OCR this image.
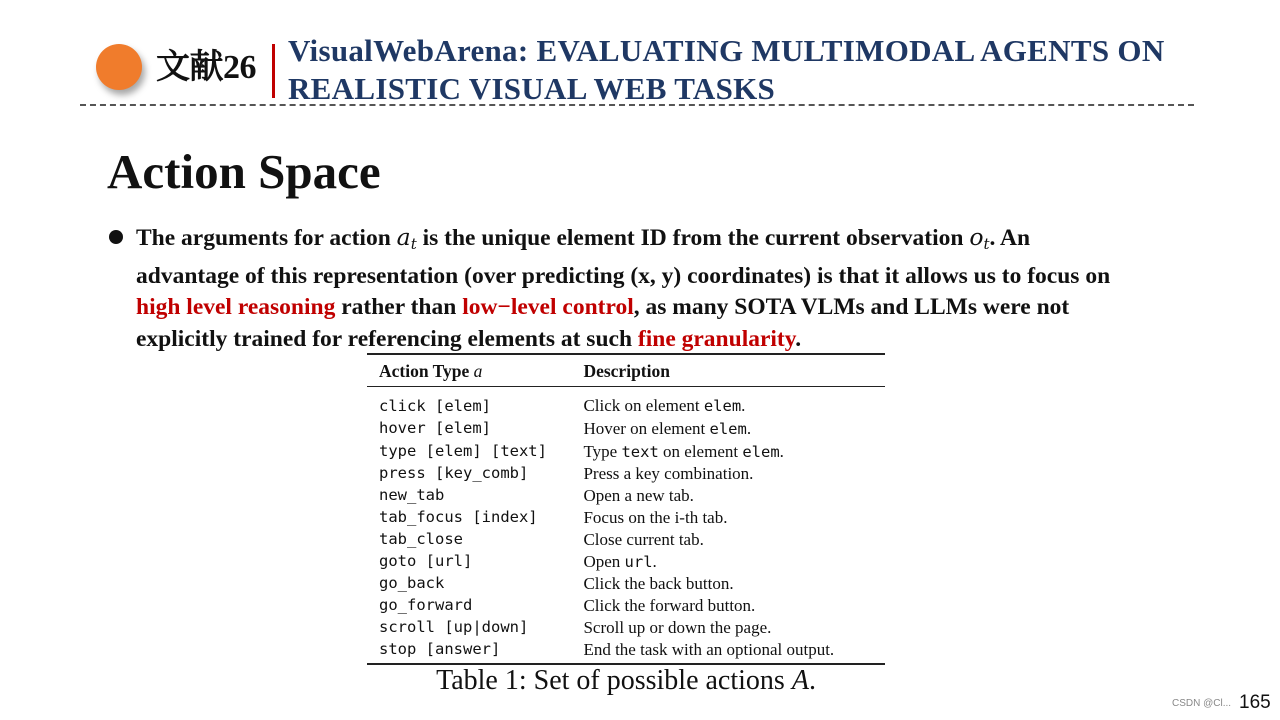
文献26 VisualWebArena: EVALUATING MULTIMODAL AGENTS ON
REALISTIC VISUAL WEB TASKS
Action Space
The arguments for action $a_t$ is the unique element ID from the current observation $o_t$. An
advantage of this representation (over predicting (x, y) coordinates) is that it allows us to focus on
high level reasoning rather than low−level control, as many SOTA VLMs and LLMs were not
explicitly trained for referencing elements at such fine granularity.
Action Type a	Description
click [elem]	Click on element elem.
hover [elem]	Hover on element elem.
type [elem] [text]	Type text on element elem.
press [key_comb]	Press a key combination.
new_tab	Open a new tab.
tab_focus [index]	Focus on the i-th tab.
tab_close	Close current tab.
goto [url]	Open url.
go_back	Click the back button.
go_forward	Click the forward button.
scroll [up|down]	Scroll up or down the page.
stop [answer]	End the task with an optional output.
Table 1: Set of possible actions A.
CSDN @Cl... 165
